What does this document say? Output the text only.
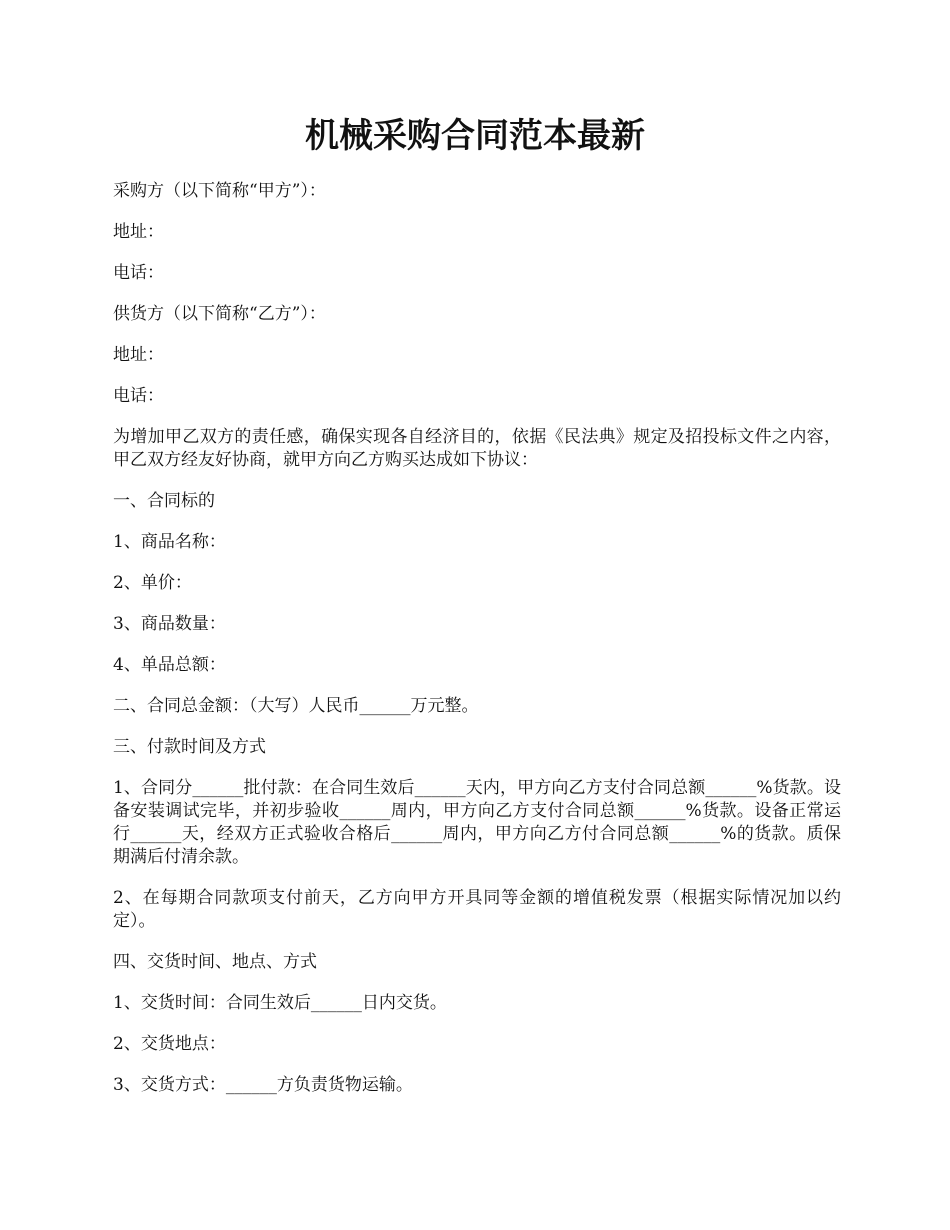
机械采购合同范本最新

采购方（以下简称“甲方”）：

地址：

电话：

供货方（以下简称“乙方”）：

地址：

电话：

为增加甲乙双方的责任感，确保实现各自经济目的，依据《民法典》规定及招投标文件之内容，甲乙双方经友好协商，就甲方向乙方购买达成如下协议：

一、合同标的

1、商品名称：

2、单价：

3、商品数量：

4、单品总额：

二、合同总金额：（大写）人民币______万元整。

三、付款时间及方式

1、合同分______批付款：在合同生效后______天内，甲方向乙方支付合同总额______%货款。设备安装调试完毕，并初步验收______周内，甲方向乙方支付合同总额______%货款。设备正常运行______天，经双方正式验收合格后______周内，甲方向乙方付合同总额______%的货款。质保期满后付清余款。

2、在每期合同款项支付前天，乙方向甲方开具同等金额的增值税发票（根据实际情况加以约定）。

四、交货时间、地点、方式

1、交货时间：合同生效后______日内交货。

2、交货地点：

3、交货方式：______方负责货物运输。
